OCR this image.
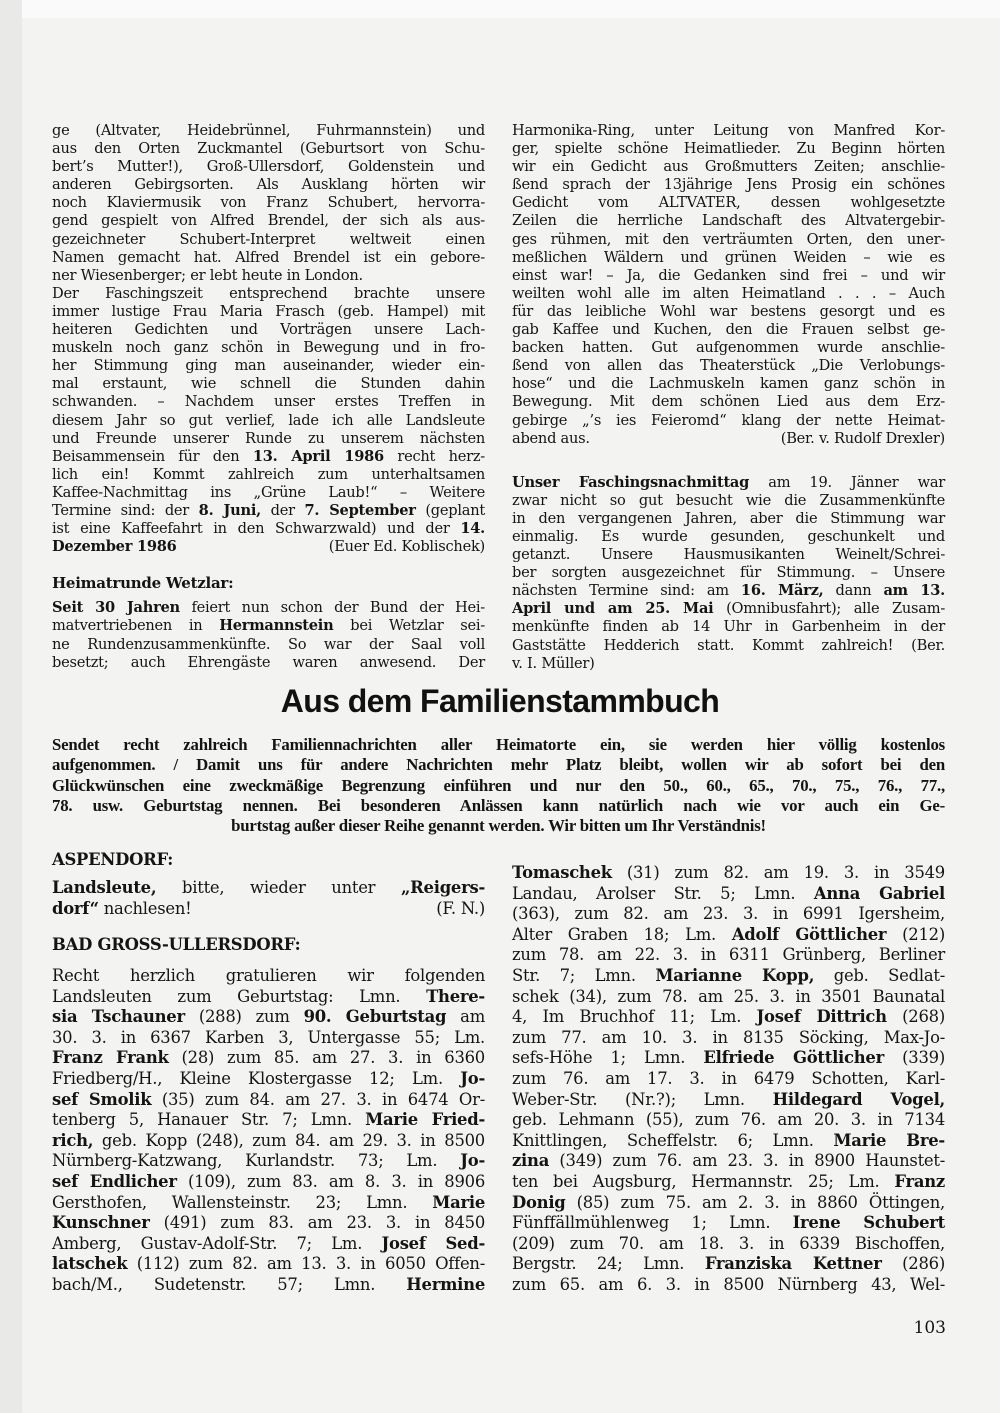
ge (Altvater, Heidebrünnel, Fuhrmannstein) und
aus den Orten Zuckmantel (Geburtsort von Schu-
bert’s Mutter!), Groß-Ullersdorf, Goldenstein und
anderen Gebirgsorten. Als Ausklang hörten wir
noch Klaviermusik von Franz Schubert, hervorra-
gend gespielt von Alfred Brendel, der sich als aus-
gezeichneter Schubert-Interpret weltweit einen
Namen gemacht hat. Alfred Brendel ist ein gebore-
ner Wiesenberger; er lebt heute in London.
Der Faschingszeit entsprechend brachte unsere
immer lustige Frau Maria Frasch (geb. Hampel) mit
heiteren Gedichten und Vorträgen unsere Lach-
muskeln noch ganz schön in Bewegung und in fro-
her Stimmung ging man auseinander, wieder ein-
mal erstaunt, wie schnell die Stunden dahin
schwanden. – Nachdem unser erstes Treffen in
diesem Jahr so gut verlief, lade ich alle Landsleute
und Freunde unserer Runde zu unserem nächsten
Beisammensein für den 13. April 1986 recht herz-
lich ein! Kommt zahlreich zum unterhaltsamen
Kaffee-Nachmittag ins „Grüne Laub!“ – Weitere
Termine sind: der 8. Juni, der 7. September (geplant
ist eine Kaffeefahrt in den Schwarzwald) und der 14.
Dezember 1986	(Euer Ed. Koblischek)
Heimatrunde Wetzlar:
Seit 30 Jahren feiert nun schon der Bund der Hei-
matvertriebenen in Hermannstein bei Wetzlar sei-
ne Rundenzusammenkünfte. So war der Saal voll
besetzt; auch Ehrengäste waren anwesend. Der
Harmonika-Ring, unter Leitung von Manfred Kor-
ger, spielte schöne Heimatlieder. Zu Beginn hörten
wir ein Gedicht aus Großmutters Zeiten; anschlie-
ßend sprach der 13jährige Jens Prosig ein schönes
Gedicht vom ALTVATER, dessen wohlgesetzte
Zeilen die herrliche Landschaft des Altvatergebir-
ges rühmen, mit den verträumten Orten, den uner-
meßlichen Wäldern und grünen Weiden – wie es
einst war! – Ja, die Gedanken sind frei – und wir
weilten wohl alle im alten Heimatland . . . – Auch
für das leibliche Wohl war bestens gesorgt und es
gab Kaffee und Kuchen, den die Frauen selbst ge-
backen hatten. Gut aufgenommen wurde anschlie-
ßend von allen das Theaterstück „Die Verlobungs-
hose“ und die Lachmuskeln kamen ganz schön in
Bewegung. Mit dem schönen Lied aus dem Erz-
gebirge „’s ies Feieromd“ klang der nette Heimat-
abend aus.	(Ber. v. Rudolf Drexler)
Unser Faschingsnachmittag am 19. Jänner war
zwar nicht so gut besucht wie die Zusammenkünfte
in den vergangenen Jahren, aber die Stimmung war
einmalig. Es wurde gesunden, geschunkelt und
getanzt. Unsere Hausmusikanten Weinelt/Schrei-
ber sorgten ausgezeichnet für Stimmung. – Unsere
nächsten Termine sind: am 16. März, dann am 13.
April und am 25. Mai (Omnibusfahrt); alle Zusam-
menkünfte finden ab 14 Uhr in Garbenheim in der
Gaststätte Hedderich statt. Kommt zahlreich! (Ber.
v. I. Müller)
Aus dem Familienstammbuch
Sendet recht zahlreich Familiennachrichten aller Heimatorte ein, sie werden hier völlig kostenlos
aufgenommen. / Damit uns für andere Nachrichten mehr Platz bleibt, wollen wir ab sofort bei den
Glückwünschen eine zweckmäßige Begrenzung einführen und nur den 50., 60., 65., 70., 75., 76., 77.,
78. usw. Geburtstag nennen. Bei besonderen Anlässen kann natürlich nach wie vor auch ein Ge-
burtstag außer dieser Reihe genannt werden. Wir bitten um Ihr Verständnis!
ASPENDORF:
Landsleute, bitte, wieder unter „Reigers-
dorf“ nachlesen!	(F. N.)
BAD GROSS-ULLERSDORF:
Recht herzlich gratulieren wir folgenden
Landsleuten zum Geburtstag: Lmn. There-
sia Tschauner (288) zum 90. Geburtstag am
30. 3. in 6367 Karben 3, Untergasse 55; Lm.
Franz Frank (28) zum 85. am 27. 3. in 6360
Friedberg/H., Kleine Klostergasse 12; Lm. Jo-
sef Smolik (35) zum 84. am 27. 3. in 6474 Or-
tenberg 5, Hanauer Str. 7; Lmn. Marie Fried-
rich, geb. Kopp (248), zum 84. am 29. 3. in 8500
Nürnberg-Katzwang, Kurlandstr. 73; Lm. Jo-
sef Endlicher (109), zum 83. am 8. 3. in 8906
Gersthofen, Wallensteinstr. 23; Lmn. Marie
Kunschner (491) zum 83. am 23. 3. in 8450
Amberg, Gustav-Adolf-Str. 7; Lm. Josef Sed-
latschek (112) zum 82. am 13. 3. in 6050 Offen-
bach/M., Sudetenstr. 57; Lmn. Hermine
Tomaschek (31) zum 82. am 19. 3. in 3549
Landau, Arolser Str. 5; Lmn. Anna Gabriel
(363), zum 82. am 23. 3. in 6991 Igersheim,
Alter Graben 18; Lm. Adolf Göttlicher (212)
zum 78. am 22. 3. in 6311 Grünberg, Berliner
Str. 7; Lmn. Marianne Kopp, geb. Sedlat-
schek (34), zum 78. am 25. 3. in 3501 Baunatal
4, Im Bruchhof 11; Lm. Josef Dittrich (268)
zum 77. am 10. 3. in 8135 Söcking, Max-Jo-
sefs-Höhe 1; Lmn. Elfriede Göttlicher (339)
zum 76. am 17. 3. in 6479 Schotten, Karl-
Weber-Str. (Nr.?); Lmn. Hildegard Vogel,
geb. Lehmann (55), zum 76. am 20. 3. in 7134
Knittlingen, Scheffelstr. 6; Lmn. Marie Bre-
zina (349) zum 76. am 23. 3. in 8900 Haunstet-
ten bei Augsburg, Hermannstr. 25; Lm. Franz
Donig (85) zum 75. am 2. 3. in 8860 Öttingen,
Fünffällmühlenweg 1; Lmn. Irene Schubert
(209) zum 70. am 18. 3. in 6339 Bischoffen,
Bergstr. 24; Lmn. Franziska Kettner (286)
zum 65. am 6. 3. in 8500 Nürnberg 43, Wel-
103
